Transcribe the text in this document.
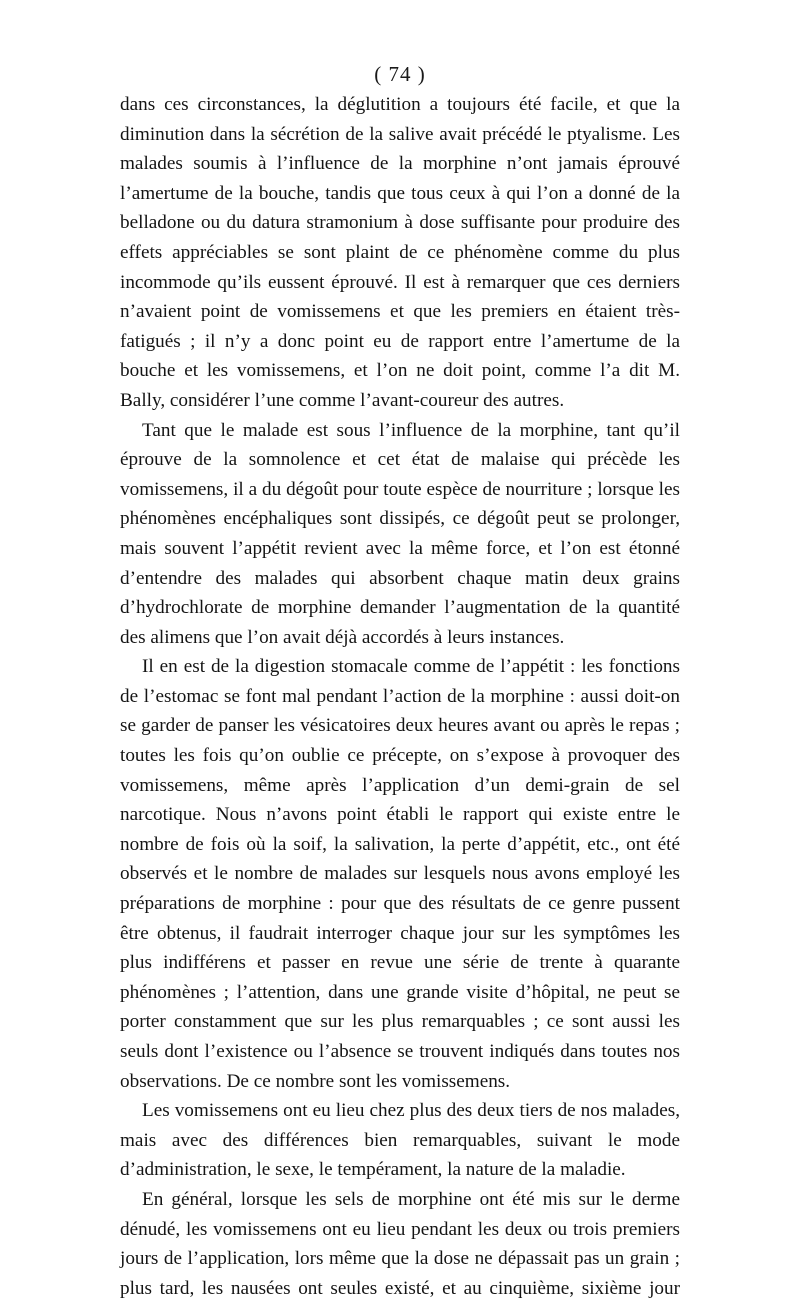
( 74 )

dans ces circonstances, la déglutition a toujours été facile, et que la diminution dans la sécrétion de la salive avait précédé le ptyalisme. Les malades soumis à l’influence de la morphine n’ont jamais éprouvé l’amertume de la bouche, tandis que tous ceux à qui l’on a donné de la belladone ou du datura stramonium à dose suffisante pour produire des effets appréciables se sont plaint de ce phénomène comme du plus incommode qu’ils eussent éprouvé. Il est à remarquer que ces derniers n’avaient point de vomissemens et que les premiers en étaient très-fatigués ; il n’y a donc point eu de rapport entre l’amertume de la bouche et les vomissemens, et l’on ne doit point, comme l’a dit M. Bally, considérer l’une comme l’avant-coureur des autres.

Tant que le malade est sous l’influence de la morphine, tant qu’il éprouve de la somnolence et cet état de malaise qui précède les vomissemens, il a du dégoût pour toute espèce de nourriture ; lorsque les phénomènes encéphaliques sont dissipés, ce dégoût peut se prolonger, mais souvent l’appétit revient avec la même force, et l’on est étonné d’entendre des malades qui absorbent chaque matin deux grains d’hydrochlorate de morphine demander l’augmentation de la quantité des alimens que l’on avait déjà accordés à leurs instances.

Il en est de la digestion stomacale comme de l’appétit : les fonctions de l’estomac se font mal pendant l’action de la morphine : aussi doit-on se garder de panser les vésicatoires deux heures avant ou après le repas ; toutes les fois qu’on oublie ce précepte, on s’expose à provoquer des vomissemens, même après l’application d’un demi-grain de sel narcotique. Nous n’avons point établi le rapport qui existe entre le nombre de fois où la soif, la salivation, la perte d’appétit, etc., ont été observés et le nombre de malades sur lesquels nous avons employé les préparations de morphine : pour que des résultats de ce genre pussent être obtenus, il faudrait interroger chaque jour sur les symptômes les plus indifférens et passer en revue une série de trente à quarante phénomènes ; l’attention, dans une grande visite d’hôpital, ne peut se porter constamment que sur les plus remarquables ; ce sont aussi les seuls dont l’existence ou l’absence se trouvent indiqués dans toutes nos observations. De ce nombre sont les vomissemens.

Les vomissemens ont eu lieu chez plus des deux tiers de nos malades, mais avec des différences bien remarquables, suivant le mode d’administration, le sexe, le tempérament, la nature de la maladie.

En général, lorsque les sels de morphine ont été mis sur le derme dénudé, les vomissemens ont eu lieu pendant les deux ou trois premiers jours de l’application, lors même que la dose ne dépassait pas un grain ; plus tard, les nausées ont seules existé, et au cinquième, sixième jour
